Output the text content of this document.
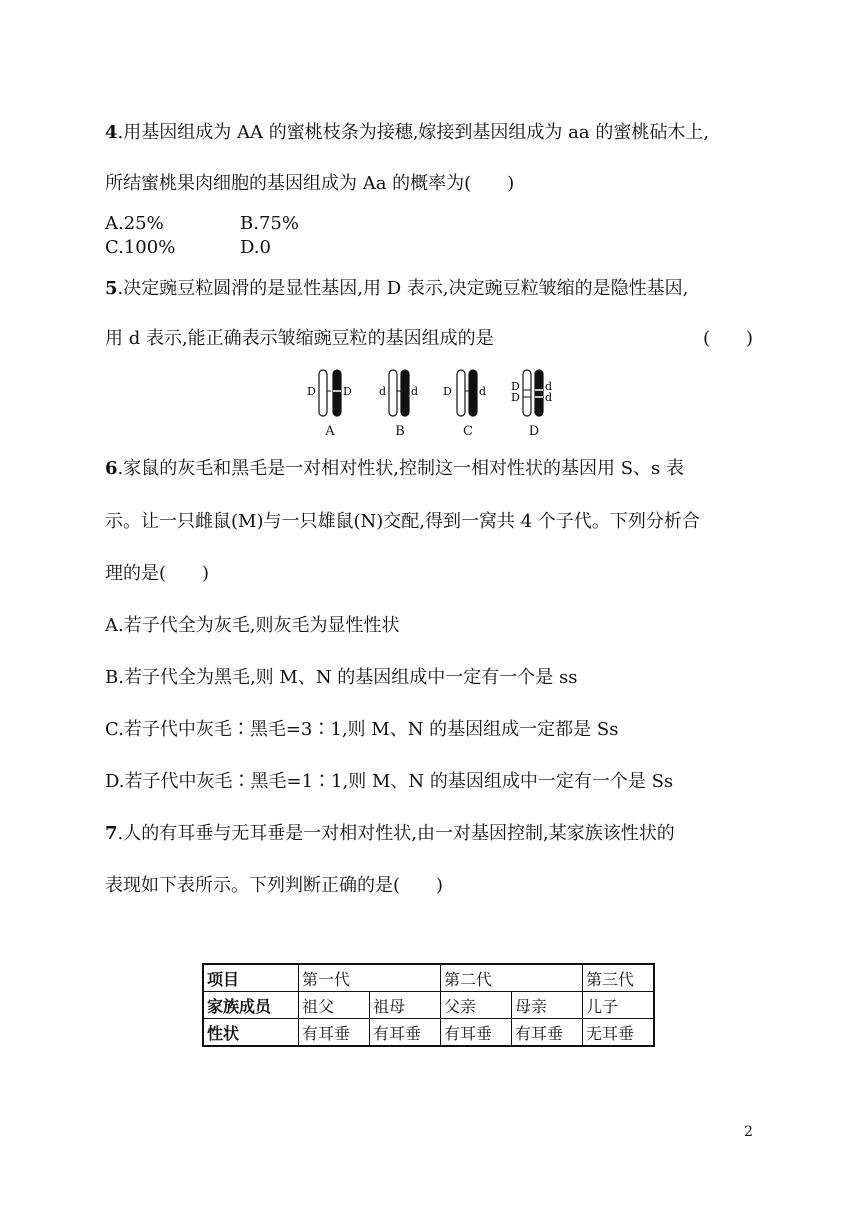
4.用基因组成为 AA 的蜜桃枝条为接穗,嫁接到基因组成为 aa 的蜜桃砧木上,
所结蜜桃果肉细胞的基因组成为 Aa 的概率为(　　)
A.25%	B.75%
C.100%	D.0
5.决定豌豆粒圆滑的是显性基因,用 D 表示,决定豌豆粒皱缩的是隐性基因,
用 d 表示,能正确表示皱缩豌豆粒的基因组成的是	(　　)
D D
A
d d
B
D d
C
D
D
d
d
D
6.家鼠的灰毛和黑毛是一对相对性状,控制这一相对性状的基因用 S、s 表
示。让一只雌鼠(M)与一只雄鼠(N)交配,得到一窝共 4 个子代。下列分析合
理的是(　　)
A.若子代全为灰毛,则灰毛为显性性状
B.若子代全为黑毛,则 M、N 的基因组成中一定有一个是 ss
C.若子代中灰毛∶黑毛=3∶1,则 M、N 的基因组成一定都是 Ss
D.若子代中灰毛∶黑毛=1∶1,则 M、N 的基因组成中一定有一个是 Ss
7.人的有耳垂与无耳垂是一对相对性状,由一对基因控制,某家族该性状的
表现如下表所示。下列判断正确的是(　　)
项目	第一代		第二代		第三代
家族成员	祖父	祖母	父亲	母亲	儿子
性状	有耳垂	有耳垂	有耳垂	有耳垂	无耳垂
2
